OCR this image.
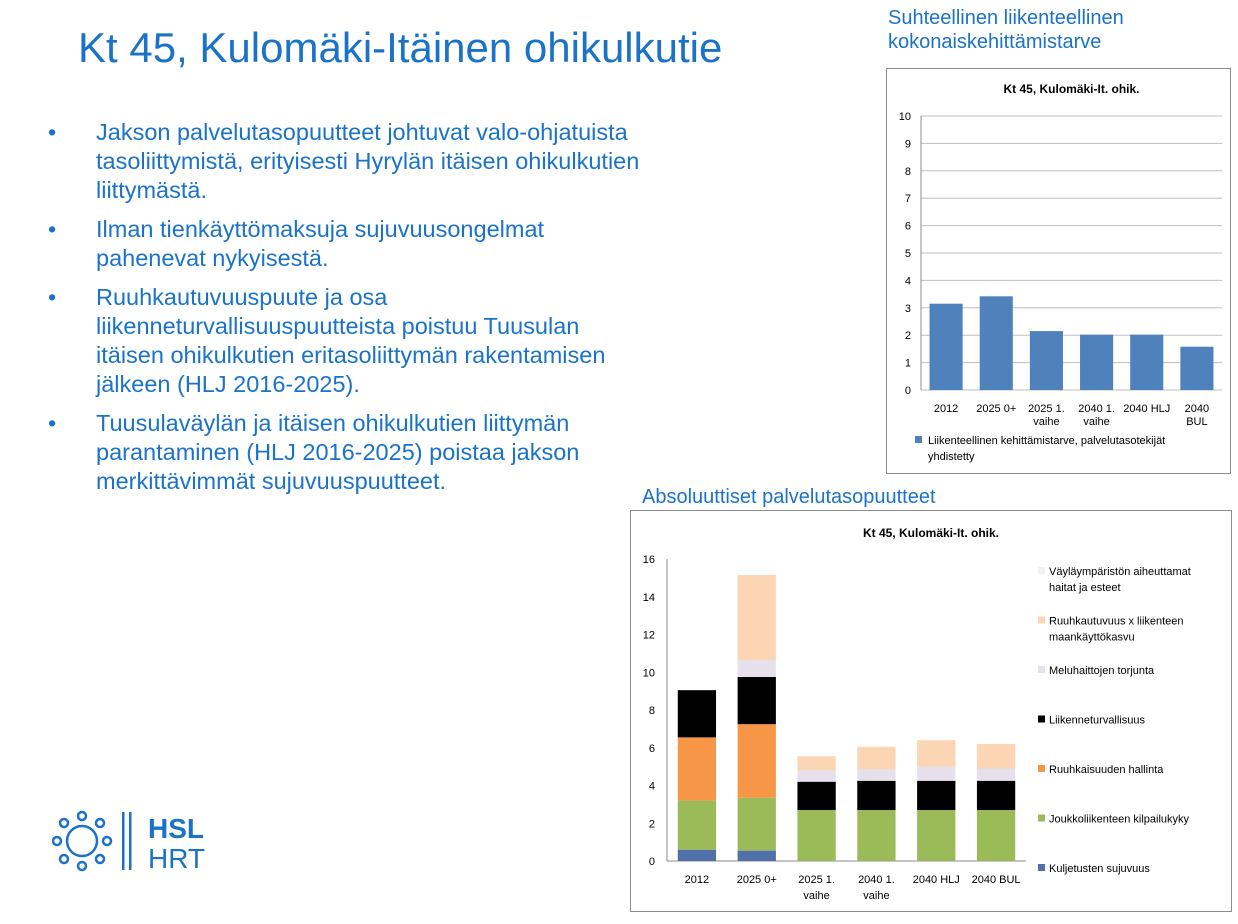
Kt 45, Kulomäki-Itäinen ohikulkutie
• Jakson palvelutasopuutteet johtuvat valo-ohjatuista tasoliittymistä, erityisesti Hyrylän itäisen ohikulkutien liittymästä.
• Ilman tienkäyttömaksuja sujuvuusongelmat pahenevat nykyisestä.
• Ruuhkautuvuuspuute ja osa liikenneturvallisuuspuutteista poistuu Tuusulan itäisen ohikulkutien eritasoliittymän rakentamisen jälkeen (HLJ 2016-2025).
• Tuusulaväylän ja itäisen ohikulkutien liittymän parantaminen (HLJ 2016-2025) poistaa jakson merkittävimmät sujuvuuspuutteet.
Suhteellinen liikenteellinen
kokonaiskehittämistarve
Kt 45, Kulomäki-It. ohik.
0
1
2
3
4
5
6
7
8
9
10
2012 2025 0+ 2025 1.
vaihe
2040 1.
vaihe
2040 HLJ 2040
BUL
Liikenteellinen kehittämistarve, palvelutasotekijät
yhdistetty
Absoluuttiset palvelutasopuutteet
Kt 45, Kulomäki-It. ohik.
0
2
4
6
8
10
12
14
16
2012	2025 0+ 2025 1.
vaihe
2040 1.
vaihe
2040 HLJ 2040 BUL
Väyläympäristön aiheuttamat
haitat ja esteet
Ruuhkautuvuus x liikenteen
maankäyttökasvu
Meluhaittojen torjunta
Liikenneturvallisuus
Ruuhkaisuuden hallinta
Joukkoliikenteen kilpailukyky
Kuljetusten sujuvuus
HSL
HRT
